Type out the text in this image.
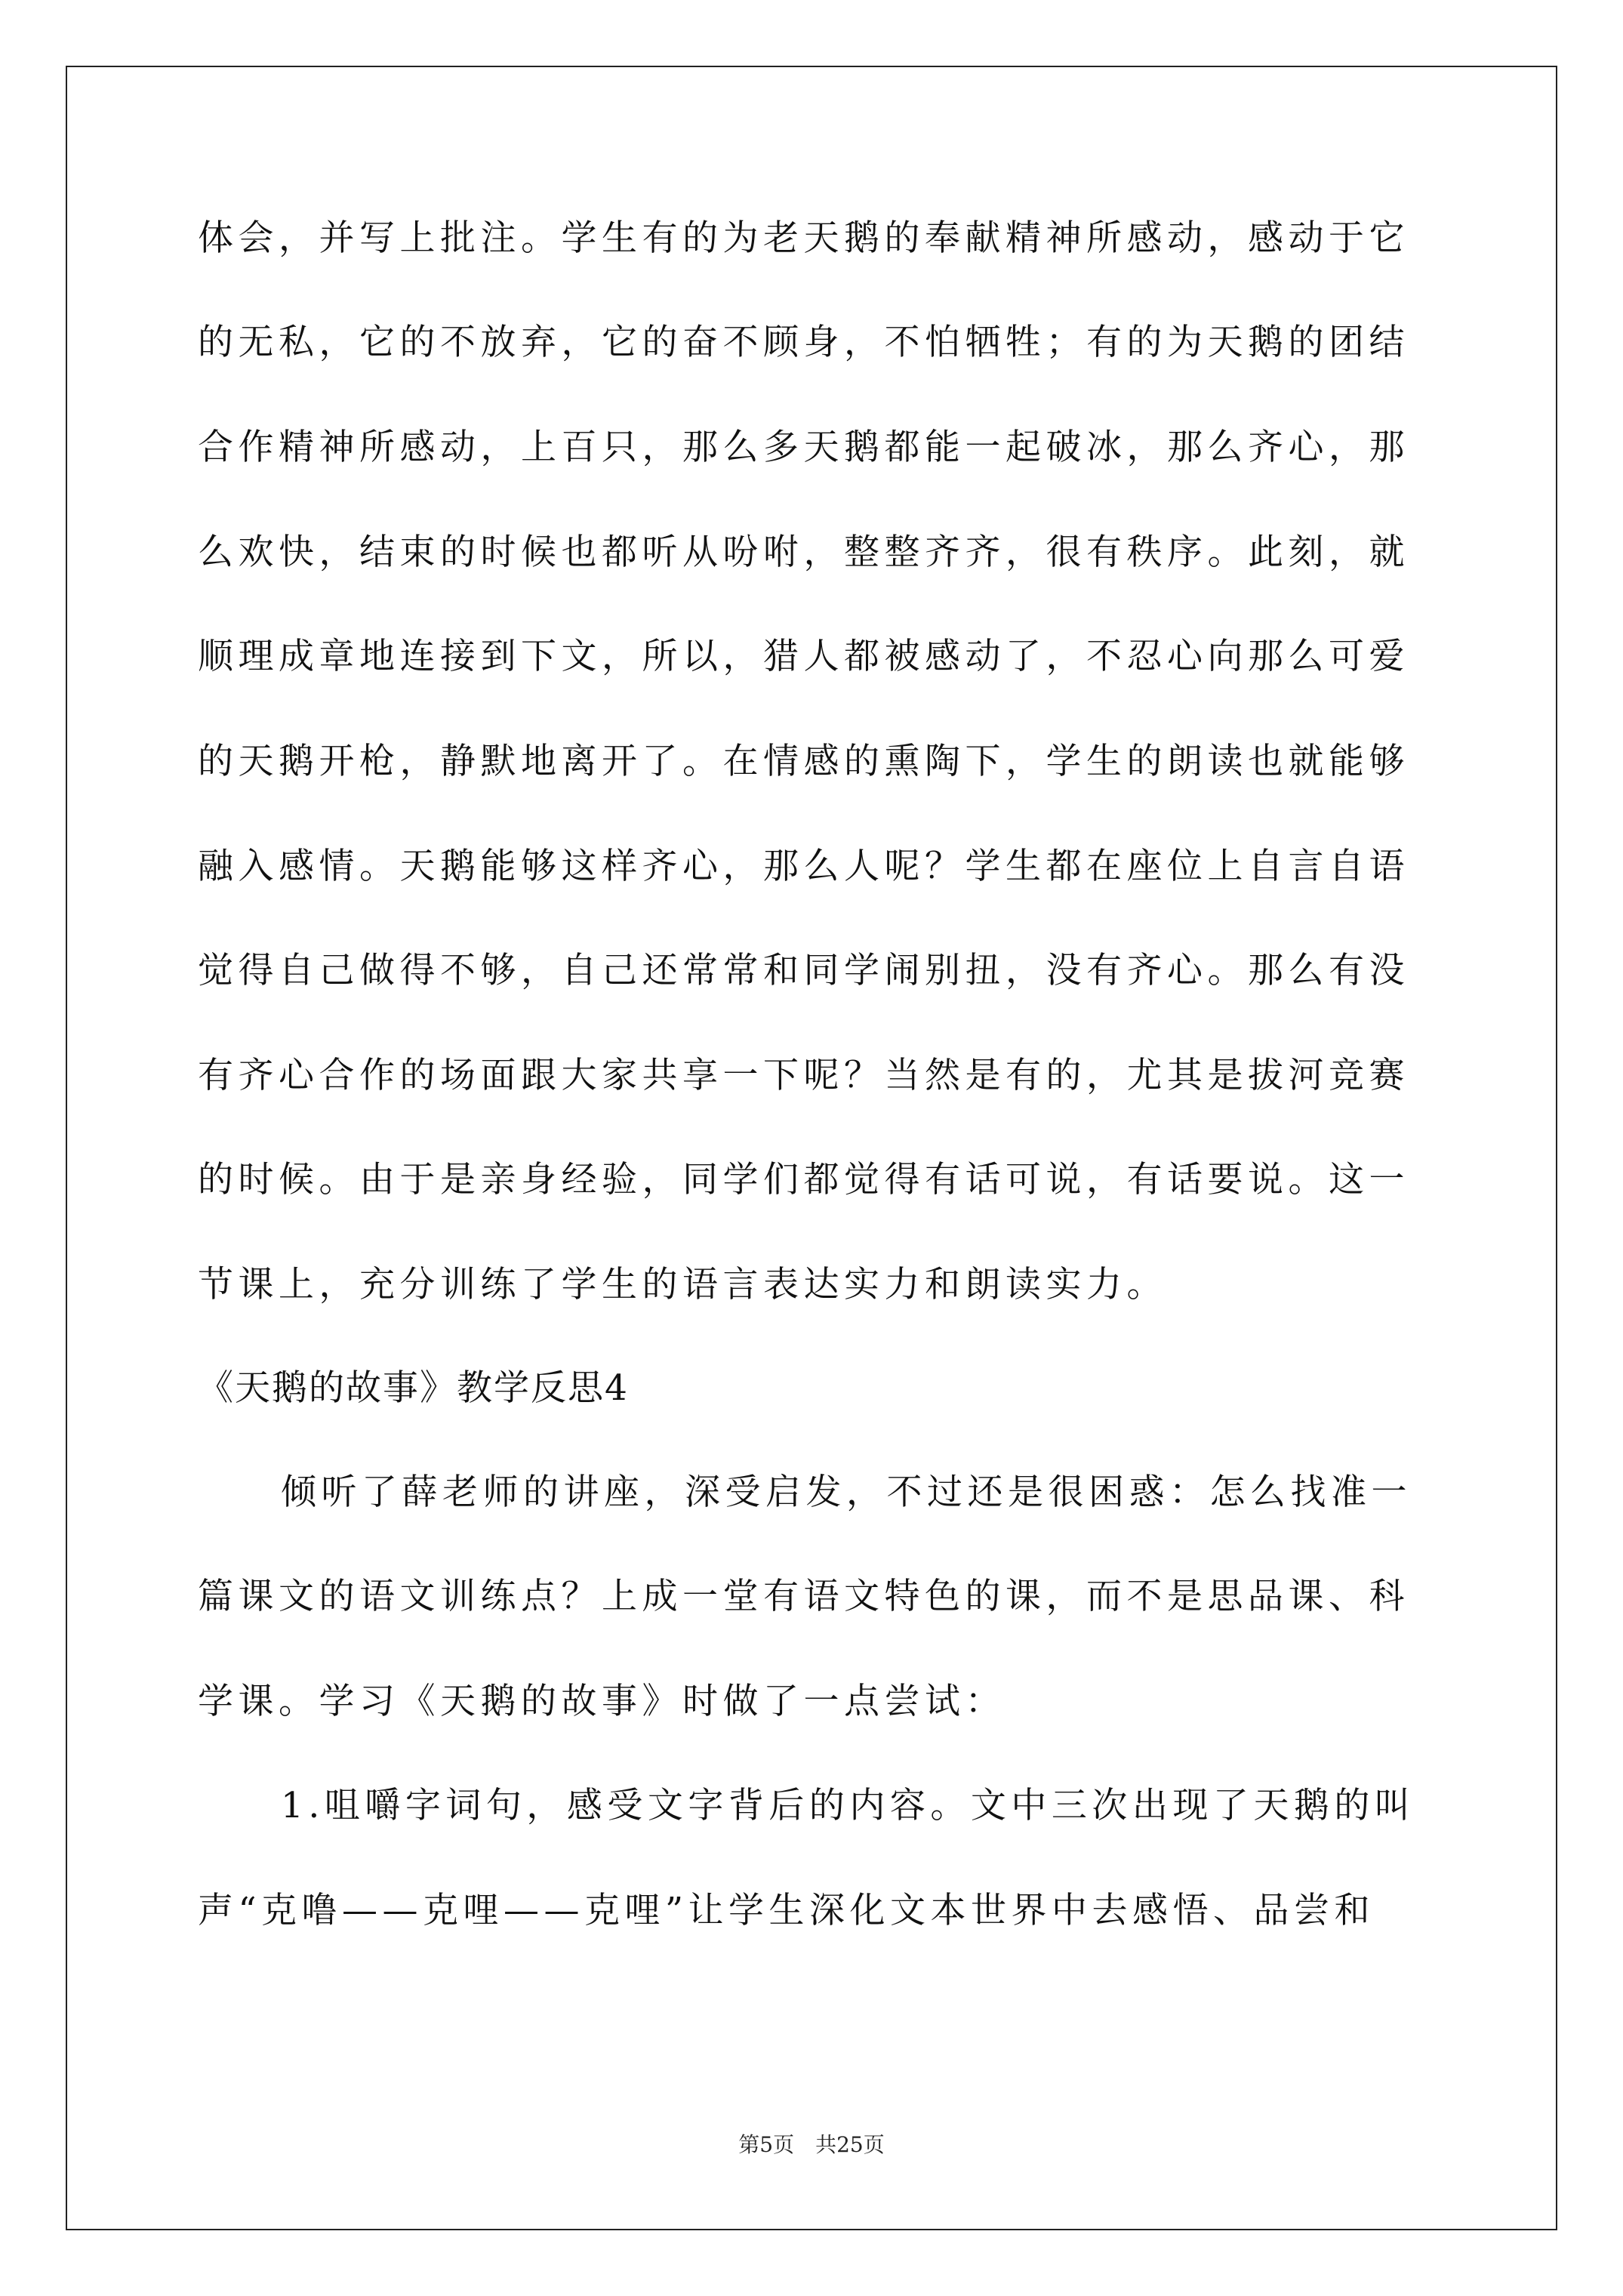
体会，并写上批注。学生有的为老天鹅的奉献精神所感动，感动于它

的无私，它的不放弃，它的奋不顾身，不怕牺牲；有的为天鹅的团结

合作精神所感动，上百只，那么多天鹅都能一起破冰，那么齐心，那

么欢快，结束的时候也都听从吩咐，整整齐齐，很有秩序。此刻，就

顺理成章地连接到下文，所以，猎人都被感动了，不忍心向那么可爱

的天鹅开枪，静默地离开了。在情感的熏陶下，学生的朗读也就能够

融入感情。天鹅能够这样齐心，那么人呢？学生都在座位上自言自语

觉得自己做得不够，自己还常常和同学闹别扭，没有齐心。那么有没

有齐心合作的场面跟大家共享一下呢？当然是有的，尤其是拔河竞赛

的时候。由于是亲身经验，同学们都觉得有话可说，有话要说。这一

节课上，充分训练了学生的语言表达实力和朗读实力。

《天鹅的故事》教学反思4

倾听了薛老师的讲座，深受启发，不过还是很困惑：怎么找准一

篇课文的语文训练点？上成一堂有语文特色的课，而不是思品课、科

学课。学习《天鹅的故事》时做了一点尝试：

1.咀嚼字词句，感受文字背后的内容。文中三次出现了天鹅的叫

声“克噜——克哩——克哩”让学生深化文本世界中去感悟、品尝和

第5页　共25页
